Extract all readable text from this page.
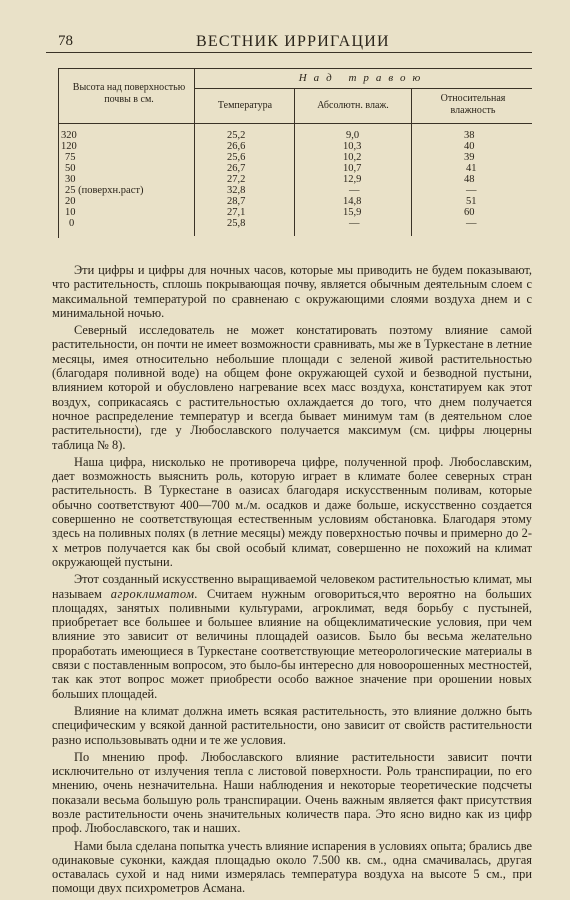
78	ВЕСТНИК ИРРИГАЦИИ
Высота над поверхностью почвы в см.
Над травою
Температура	Абсолютн. влаж.
Относительная влажность
320	25,2	9,0	38
120	26,6	10,3	40
75	25,6	10,2	39
50	26,7	10,7	41
30	27,2	12,9	48
25 (поверхн.раст)	32,8	—	—
20	28,7	14,8	51
10	27,1	15,9	60
0	25,8	—	—

Эти цифры и цифры для ночных часов, которые мы приводить не будем показывают, что растительность, сплошь покрывающая почву, является обычным деятельным слоем с максимальной температурой по сравненаю с окружающими слоями воздуха днем и с минимальной ночью.

Северный исследователь не может констатировать поэтому влияние самой растительности, он почти не имеет возможности сравнивать, мы же в Туркестане в летние месяцы, имея относительно небольшие площади с зеленой живой растительностью (благодаря поливной воде) на общем фоне окружающей сухой и безводной пустыни, влиянием которой и обусловлено нагревание всех масс воздуха, констатируем как этот воздух, соприкасаясь с растительностью охлаждается до того, что днем получается ночное распределение температур и всегда бывает минимум там (в деятельном слое растительности), где у Любославского получается максимум (см. цифры люцерны таблица № 8).

Наша цифра, нисколько не противореча цифре, полученной проф. Любославским, дает возможность выяснить роль, которую играет в климате более северных стран растительность. В Туркестане в оазисах благодаря искусственным поливам, которые обычно соответствуют 400—700 м./м. осадков и даже больше, искусственно создается совершенно не соответствующая естественным условиям обстановка. Благодаря этому здесь на поливных полях (в летние месяцы) между поверхностью почвы и примерно до 2-х метров получается как бы свой особый климат, совершенно не похожий на климат окружающей пустыни.

Этот созданный искусственно выращиваемой человеком растительностью климат, мы называем агроклиматом. Считаем нужным оговориться,что вероятно на больших площадях, занятых поливными культурами, агроклимат, ведя борьбу с пустыней, приобретает все большее и большее влияние на общеклиматические условия, при чем влияние это зависит от величины площадей оазисов. Было бы весьма желательно проработать имеющиеся в Туркестане соответствующие метеорологические материалы в связи с поставленным вопросом, это было-бы интересно для новоорошенных местностей, так как этот вопрос может приобрести особо важное значение при орошении новых больших площадей.

Влияние на климат должна иметь всякая растительность, это влияние должно быть специфическим у всякой данной растительности, оно зависит от свойств растительности разно использовывать одни и те же условия.

По мнению проф. Любославского влияние растительности зависит почти исключительно от излучения тепла с листовой поверхности. Роль транспирации, по его мнению, очень незначительна. Наши наблюдения и некоторые теоретические подсчеты показали весьма большую роль транспирации. Очень важным является факт присутствия возле растительности очень значительных количеств пара. Это ясно видно как из цифр проф. Любославского, так и наших.

Нами была сделана попытка учесть влияние испарения в условиях опыта; брались две одинаковые суконки, каждая площадью около 7.500 кв. см., одна смачивалась, другая оставалась сухой и над ними измерялась температура воздуха на высоте 5 см., при помощи двух психрометров Асмана.
